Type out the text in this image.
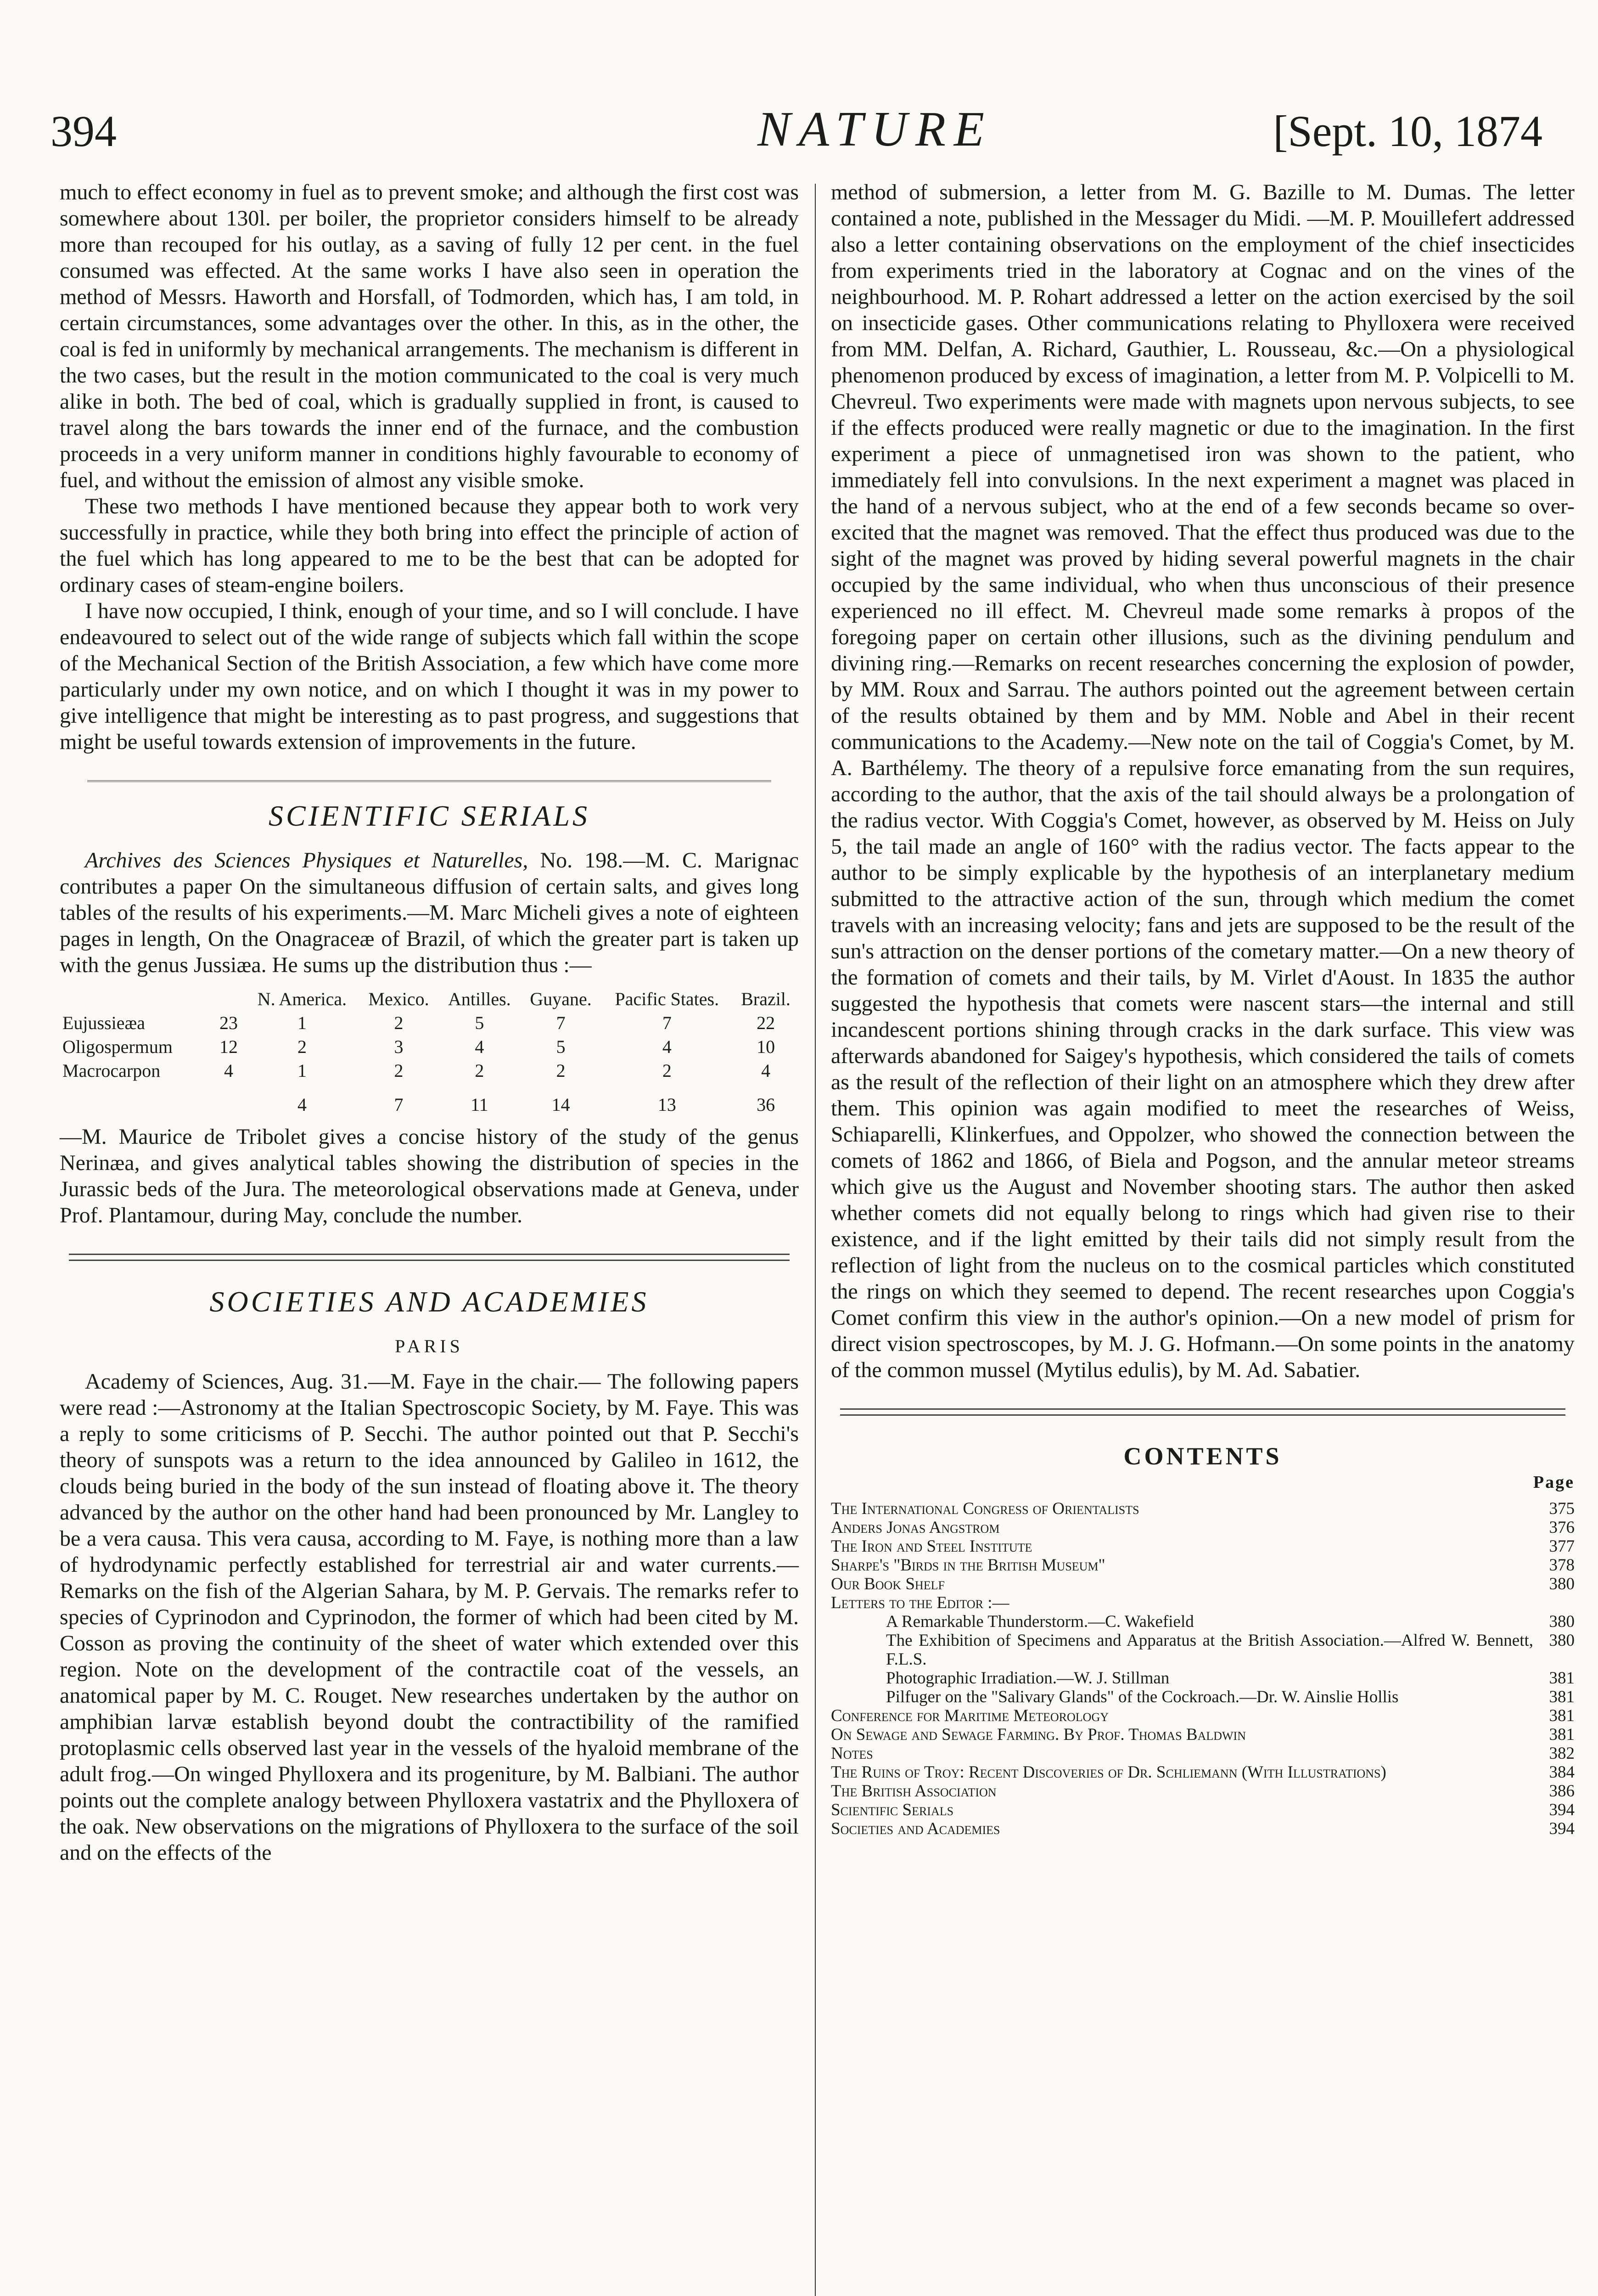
394	NATURE	[Sept. 10, 1874

much to effect economy in fuel as to prevent smoke; and although the first cost was somewhere about 130l. per boiler, the proprietor considers himself to be already more than recouped for his outlay, as a saving of fully 12 per cent. in the fuel consumed was effected. At the same works I have also seen in operation the method of Messrs. Haworth and Horsfall, of Todmorden, which has, I am told, in certain circumstances, some advantages over the other. In this, as in the other, the coal is fed in uniformly by mechanical arrangements. The mechanism is different in the two cases, but the result in the motion communicated to the coal is very much alike in both. The bed of coal, which is gradually supplied in front, is caused to travel along the bars towards the inner end of the furnace, and the combustion proceeds in a very uniform manner in conditions highly favourable to economy of fuel, and without the emission of almost any visible smoke.

These two methods I have mentioned because they appear both to work very successfully in practice, while they both bring into effect the principle of action of the fuel which has long appeared to me to be the best that can be adopted for ordinary cases of steam-engine boilers.

I have now occupied, I think, enough of your time, and so I will conclude. I have endeavoured to select out of the wide range of subjects which fall within the scope of the Mechanical Section of the British Association, a few which have come more particularly under my own notice, and on which I thought it was in my power to give intelligence that might be interesting as to past progress, and suggestions that might be useful towards extension of improvements in the future.

SCIENTIFIC SERIALS

Archives des Sciences Physiques et Naturelles, No. 198.—M. C. Marignac contributes a paper On the simultaneous diffusion of certain salts, and gives long tables of the results of his experiments.—M. Marc Micheli gives a note of eighteen pages in length, On the Onagraceæ of Brazil, of which the greater part is taken up with the genus Jussiæa. He sums up the distribution thus :—

		N. America.	Mexico.	Antilles.	Guyane.	Pacific States.	Brazil.
Eujussieæa	23	1	2	5	7	7	22
Oligospermum	12	2	3	4	5	4	10
Macrocarpon	4	1	2	2	2	2	4
		4	7	11	14	13	36

—M. Maurice de Tribolet gives a concise history of the study of the genus Nerinæa, and gives analytical tables showing the distribution of species in the Jurassic beds of the Jura. The meteorological observations made at Geneva, under Prof. Plantamour, during May, conclude the number.

SOCIETIES AND ACADEMIES
PARIS

Academy of Sciences, Aug. 31.—M. Faye in the chair.— The following papers were read :—Astronomy at the Italian Spectroscopic Society, by M. Faye. This was a reply to some criticisms of P. Secchi. The author pointed out that P. Secchi's theory of sunspots was a return to the idea announced by Galileo in 1612, the clouds being buried in the body of the sun instead of floating above it. The theory advanced by the author on the other hand had been pronounced by Mr. Langley to be a vera causa. This vera causa, according to M. Faye, is nothing more than a law of hydrodynamic perfectly established for terrestrial air and water currents.—Remarks on the fish of the Algerian Sahara, by M. P. Gervais. The remarks refer to species of Cyprinodon and Cyprinodon, the former of which had been cited by M. Cosson as proving the continuity of the sheet of water which extended over this region. Note on the development of the contractile coat of the vessels, an anatomical paper by M. C. Rouget. New researches undertaken by the author on amphibian larvæ establish beyond doubt the contractibility of the ramified protoplasmic cells observed last year in the vessels of the hyaloid membrane of the adult frog.—On winged Phylloxera and its progeniture, by M. Balbiani. The author points out the complete analogy between Phylloxera vastatrix and the Phylloxera of the oak. New observations on the migrations of Phylloxera to the surface of the soil and on the effects of the

method of submersion, a letter from M. G. Bazille to M. Dumas. The letter contained a note, published in the Messager du Midi. —M. P. Mouillefert addressed also a letter containing observations on the employment of the chief insecticides from experiments tried in the laboratory at Cognac and on the vines of the neighbourhood. M. P. Rohart addressed a letter on the action exercised by the soil on insecticide gases. Other communications relating to Phylloxera were received from MM. Delfan, A. Richard, Gauthier, L. Rousseau, &c.—On a physiological phenomenon produced by excess of imagination, a letter from M. P. Volpicelli to M. Chevreul. Two experiments were made with magnets upon nervous subjects, to see if the effects produced were really magnetic or due to the imagination. In the first experiment a piece of unmagnetised iron was shown to the patient, who immediately fell into convulsions. In the next experiment a magnet was placed in the hand of a nervous subject, who at the end of a few seconds became so over-excited that the magnet was removed. That the effect thus produced was due to the sight of the magnet was proved by hiding several powerful magnets in the chair occupied by the same individual, who when thus unconscious of their presence experienced no ill effect. M. Chevreul made some remarks à propos of the foregoing paper on certain other illusions, such as the divining pendulum and divining ring.—Remarks on recent researches concerning the explosion of powder, by MM. Roux and Sarrau. The authors pointed out the agreement between certain of the results obtained by them and by MM. Noble and Abel in their recent communications to the Academy.—New note on the tail of Coggia's Comet, by M. A. Barthélemy. The theory of a repulsive force emanating from the sun requires, according to the author, that the axis of the tail should always be a prolongation of the radius vector. With Coggia's Comet, however, as observed by M. Heiss on July 5, the tail made an angle of 160° with the radius vector. The facts appear to the author to be simply explicable by the hypothesis of an interplanetary medium submitted to the attractive action of the sun, through which medium the comet travels with an increasing velocity; fans and jets are supposed to be the result of the sun's attraction on the denser portions of the cometary matter.—On a new theory of the formation of comets and their tails, by M. Virlet d'Aoust. In 1835 the author suggested the hypothesis that comets were nascent stars—the internal and still incandescent portions shining through cracks in the dark surface. This view was afterwards abandoned for Saigey's hypothesis, which considered the tails of comets as the result of the reflection of their light on an atmosphere which they drew after them. This opinion was again modified to meet the researches of Weiss, Schiaparelli, Klinkerfues, and Oppolzer, who showed the connection between the comets of 1862 and 1866, of Biela and Pogson, and the annular meteor streams which give us the August and November shooting stars. The author then asked whether comets did not equally belong to rings which had given rise to their existence, and if the light emitted by their tails did not simply result from the reflection of light from the nucleus on to the cosmical particles which constituted the rings on which they seemed to depend. The recent researches upon Coggia's Comet confirm this view in the author's opinion.—On a new model of prism for direct vision spectroscopes, by M. J. G. Hofmann.—On some points in the anatomy of the common mussel (Mytilus edulis), by M. Ad. Sabatier.

CONTENTS
Page
The International Congress of Orientalists	375
Anders Jonas Angstrom	376
The Iron and Steel Institute	377
Sharpe's "Birds in the British Museum"	378
Our Book Shelf	380
Letters to the Editor :—
A Remarkable Thunderstorm.—C. Wakefield	380
The Exhibition of Specimens and Apparatus at the British Association.—Alfred W. Bennett, F.L.S.
380
Photographic Irradiation.—W. J. Stillman	381
Pilfuger on the "Salivary Glands" of the Cockroach.—Dr. W. Ainslie Hollis	381
Conference for Maritime Meteorology	381
On Sewage and Sewage Farming. By Prof. Thomas Baldwin	381
Notes	382
The Ruins of Troy: Recent Discoveries of Dr. Schliemann (With Illustrations)	384
The British Association	386
Scientific Serials	394
Societies and Academies	394
